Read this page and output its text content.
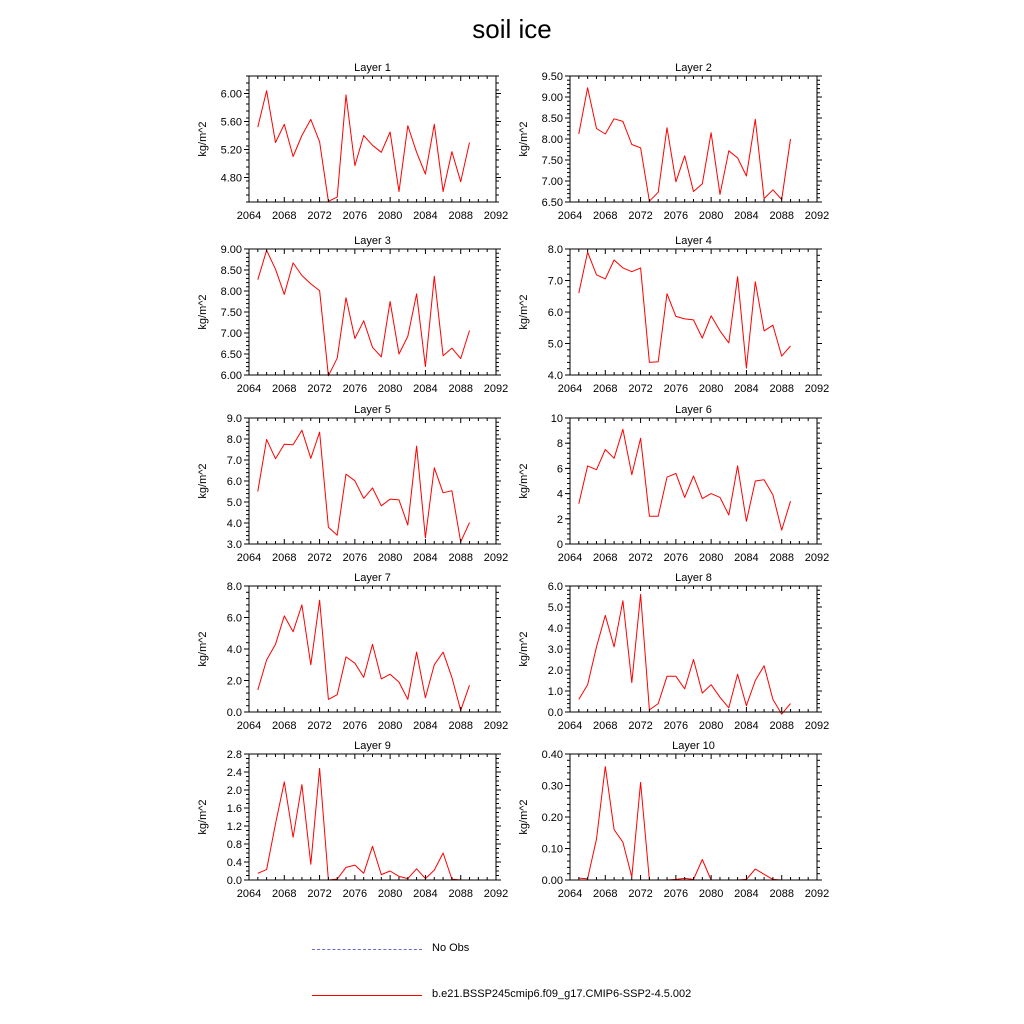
soil ice
Layer 1
kg/m^2
2064 2068 2072 2076 2080 2084 2088 2092
4.80
5.20
5.60
6.00
Layer 2
kg/m^2
2064 2068 2072 2076 2080 2084 2088 2092
6.50
7.00
7.50
8.00
8.50
9.00
9.50
Layer 3
kg/m^2
2064 2068 2072 2076 2080 2084 2088 2092
6.00
6.50
7.00
7.50
8.00
8.50
9.00
Layer 4
kg/m^2
2064 2068 2072 2076 2080 2084 2088 2092
4.0
5.0
6.0
7.0
8.0
Layer 5
kg/m^2
2064 2068 2072 2076 2080 2084 2088 2092
3.0
4.0
5.0
6.0
7.0
8.0
9.0
Layer 6
kg/m^2
2064 2068 2072 2076 2080 2084 2088 2092
0
2
4
6
8
10
Layer 7
kg/m^2
2064 2068 2072 2076 2080 2084 2088 2092
0.0
2.0
4.0
6.0
8.0
Layer 8
kg/m^2
2064 2068 2072 2076 2080 2084 2088 2092
0.0
1.0
2.0
3.0
4.0
5.0
6.0
Layer 9
kg/m^2
2064 2068 2072 2076 2080 2084 2088 2092
0.0
0.4
0.8
1.2
1.6
2.0
2.4
2.8
Layer 10
kg/m^2
2064 2068 2072 2076 2080 2084 2088 2092
0.00
0.10
0.20
0.30
0.40
No Obs
b.e21.BSSP245cmip6.f09_g17.CMIP6-SSP2-4.5.002
